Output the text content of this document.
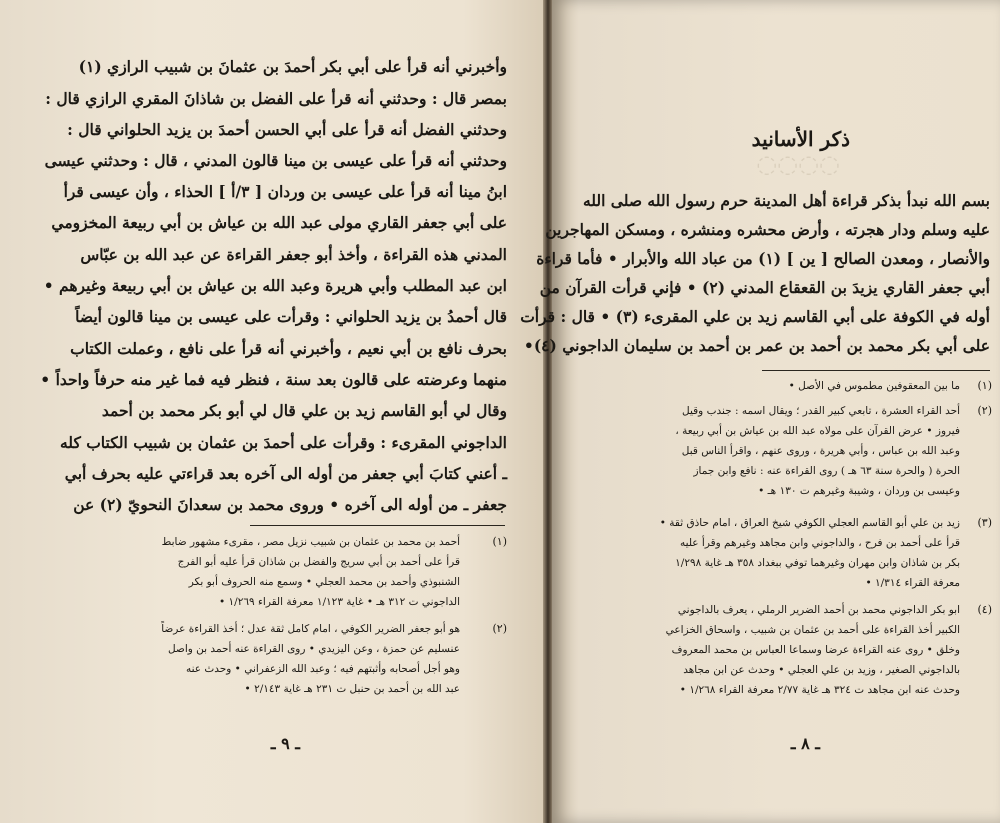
وأخبرني أنه قرأ على أبي بكر أحمدَ بن عثمانَ بن شبيب الرازي (١)
بمصر قال : وحدثني أنه قرأ على الفضل بن شاذانَ المقري الرازي قال :
وحدثني الفضل أنه قرأ على أبي الحسن أحمدَ بن يزيد الحلواني قال :
وحدثني أنه قرأ على عيسى بن مينا قالون المدني ، قال : وحدثني عيسى
ابنُ مينا أنه قرأ على عيسى بن وردان [ ٣/أ ] الحذاء ، وأن عيسى قرأ
على أبي جعفر القاري مولى عبد الله بن عياش بن أبي ربيعة المخزومي
المدني هذه القراءة ، وأخذ أبو جعفر القراءة عن عبد الله بن عبّاس
ابن عبد المطلب وأبي هريرة وعبد الله بن عياش بن أبي ربيعة وغيرهم •
قال أحمدُ بن يزيد الحلواني : وقرأت على عيسى بن مينا قالون أيضاً
بحرف نافع بن أبي نعيم ، وأخبرني أنه قرأ على نافع ، وعملت الكتاب
منهما وعرضته على قالون بعد سنة ، فنظر فيه فما غير منه حرفاً واحداً •
وقال لي أبو القاسم زيد بن علي قال لي أبو بكر محمد بن أحمد
الداجوني المقرىء : وقرأت على أحمدَ بن عثمان بن شبيب الكتاب كله
ـ أعني كتابَ أبي جعفر من أوله الى آخره بعد قراءتي عليه بحرف أبي
جعفر ـ من أوله الى آخره • وروى محمد بن سعدانَ النحويّ (٢) عن
(١)
أحمد بن محمد بن عثمان بن شبيب نزيل مصر ، مقرىء مشهور ضابط
قرأ على أحمد بن أبي سريج والفضل بن شاذان قرأ عليه أبو الفرج
الشنبوذي وأحمد بن محمد العجلي • وسمع منه الحروف أبو بكر
الداجوني ت ٣١٢ هـ • غاية ١/١٢٣ معرفة القراء ١/٢٦٩ •
(٢)
هو أبو جعفر الضرير الكوفي ، امام كامل ثقة عدل ؛ أخذ القراءة عرضاً
عنسليم عن حمزة ، وعن اليزيدي • روى القراءة عنه أحمد بن واصل
وهو أجل أصحابه وأثبتهم فيه ؛ وعبد الله الزعفراني • وحدث عنه
عبد الله بن أحمد بن حنبل ت ٢٣١ هـ غاية ٢/١٤٣ •
ـ ٩ ـ
◌◌◌◌
ذكر الأسانيد
بسم الله نبدأ بذكر قراءة أهل المدينة حرم رسول الله صلى الله
عليه وسلم ودار هجرته ، وأرض محشره ومنشره ، ومسكن المهاجرين
والأنصار ، ومعدن الصالح [ ين ] (١) من عباد الله والأبرار • فأما قراءة
أبي جعفر القاري يزيدَ بن القعقاع المدني (٢) • فإني قرأت القرآن من
أوله في الكوفة على أبي القاسم زيد بن علي المقرىء (٣) • قال : قرأت
على أبي بكر محمد بن أحمد بن عمر بن أحمد بن سليمان الداجوني (٤)•
(١)
ما بين المعقوفين مطموس في الأصل •
(٢)
أحد القراء العشرة ، تابعي كبير القدر ؛ ويقال اسمه : جندب وقيل
فيروز • عرض القرآن على مولاه عبد الله بن عياش بن أبي ربيعة ،
وعبد الله بن عباس ، وأبي هريرة ، وروى عنهم ، واقرأ الناس قبل
الحرة ( والحرة سنة ٦٣ هـ ) روى القراءة عنه : نافع وابن جماز
وعيسى بن وردان ، وشيبة وغيرهم ت ١٣٠ هـ •
(٣)
زيد بن علي أبو القاسم العجلي الكوفي شيخ العراق ، امام حاذق ثقة •
قرأ على أحمد بن فرح ، والداجوني وابن مجاهد وغيرهم وقرأ عليه
بكر بن شاذان وابن مهران وغيرهما توفي ببغداد ٣٥٨ هـ غاية ١/٢٩٨
معرفة القراء ١/٣١٤ •
(٤)
ابو بكر الداجوني محمد بن أحمد الضرير الرملي ، يعرف بالداجوني
الكبير أخذ القراءة على أحمد بن عثمان بن شبيب ، واسحاق الخزاعي
وخلق • روى عنه القراءة عرضا وسماعا العباس بن محمد المعروف
بالداجوني الصغير ، وزيد بن علي العجلي • وحدث عن ابن مجاهد
وحدث عنه ابن مجاهد ت ٣٢٤ هـ غاية ٢/٧٧ معرفة القراء ١/٢٦٨ •
ـ ٨ ـ
